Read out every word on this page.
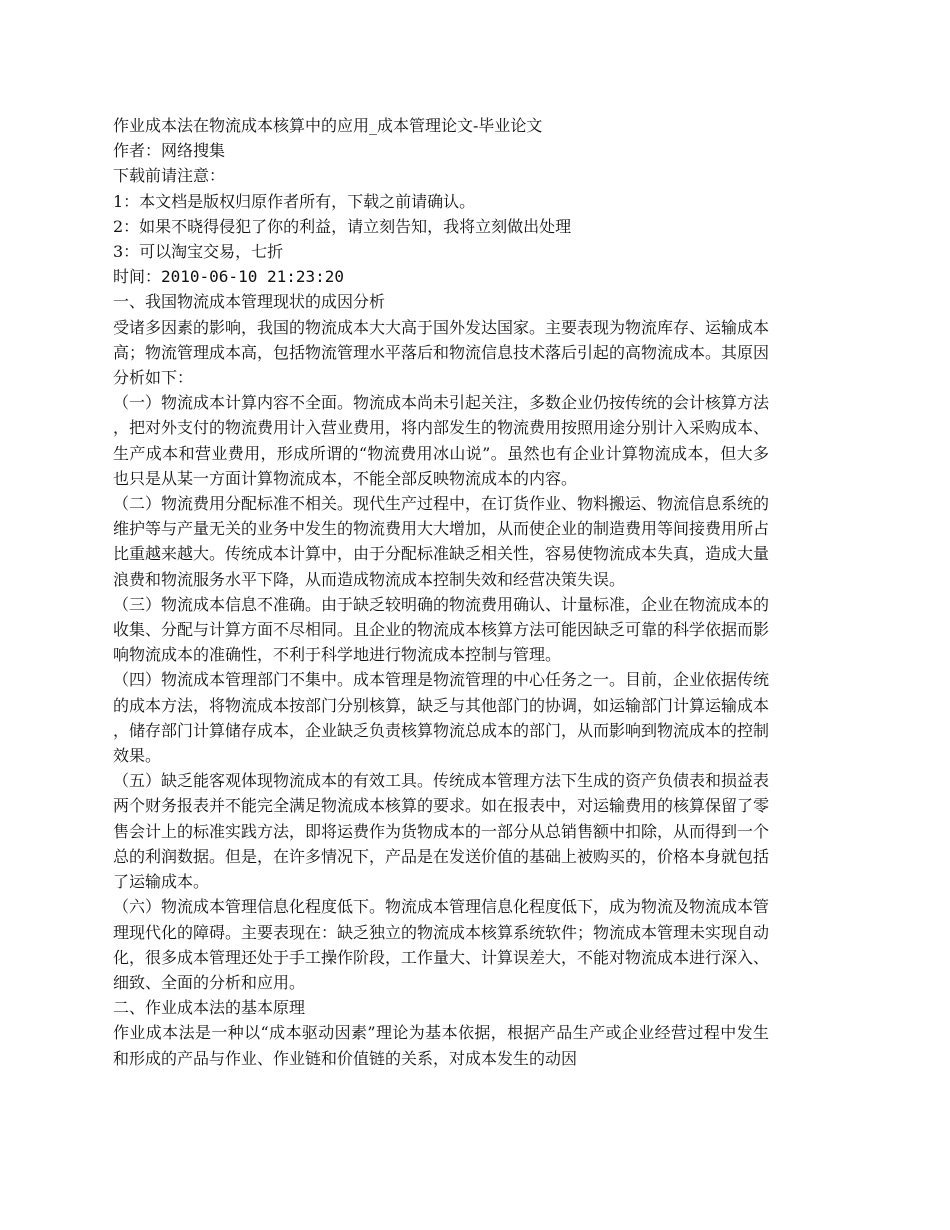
作业成本法在物流成本核算中的应用_成本管理论文-毕业论文
作者：网络搜集
下载前请注意：
1：本文档是版权归原作者所有，下载之前请确认。
2：如果不晓得侵犯了你的利益，请立刻告知，我将立刻做出处理
3：可以淘宝交易，七折
时间：2010-06-10 21:23:20
一、我国物流成本管理现状的成因分析
受诸多因素的影响，我国的物流成本大大高于国外发达国家。主要表现为物流库存、运输成本高；物流管理成本高，包括物流管理水平落后和物流信息技术落后引起的高物流成本。其原因分析如下：
（一）物流成本计算内容不全面。物流成本尚未引起关注，多数企业仍按传统的会计核算方法，把对外支付的物流费用计入营业费用，将内部发生的物流费用按照用途分别计入采购成本、生产成本和营业费用，形成所谓的“物流费用冰山说”。虽然也有企业计算物流成本，但大多也只是从某一方面计算物流成本，不能全部反映物流成本的内容。
（二）物流费用分配标准不相关。现代生产过程中，在订货作业、物料搬运、物流信息系统的维护等与产量无关的业务中发生的物流费用大大增加，从而使企业的制造费用等间接费用所占比重越来越大。传统成本计算中，由于分配标准缺乏相关性，容易使物流成本失真，造成大量浪费和物流服务水平下降，从而造成物流成本控制失效和经营决策失误。
（三）物流成本信息不准确。由于缺乏较明确的物流费用确认、计量标准，企业在物流成本的收集、分配与计算方面不尽相同。且企业的物流成本核算方法可能因缺乏可靠的科学依据而影响物流成本的准确性，不利于科学地进行物流成本控制与管理。
（四）物流成本管理部门不集中。成本管理是物流管理的中心任务之一。目前，企业依据传统的成本方法，将物流成本按部门分别核算，缺乏与其他部门的协调，如运输部门计算运输成本，储存部门计算储存成本，企业缺乏负责核算物流总成本的部门，从而影响到物流成本的控制效果。
（五）缺乏能客观体现物流成本的有效工具。传统成本管理方法下生成的资产负债表和损益表两个财务报表并不能完全满足物流成本核算的要求。如在报表中，对运输费用的核算保留了零售会计上的标准实践方法，即将运费作为货物成本的一部分从总销售额中扣除，从而得到一个总的利润数据。但是，在许多情况下，产品是在发送价值的基础上被购买的，价格本身就包括了运输成本。
（六）物流成本管理信息化程度低下。物流成本管理信息化程度低下，成为物流及物流成本管理现代化的障碍。主要表现在：缺乏独立的物流成本核算系统软件；物流成本管理未实现自动化，很多成本管理还处于手工操作阶段，工作量大、计算误差大，不能对物流成本进行深入、细致、全面的分析和应用。
二、作业成本法的基本原理
作业成本法是一种以“成本驱动因素”理论为基本依据，根据产品生产或企业经营过程中发生和形成的产品与作业、作业链和价值链的关系，对成本发生的动因
